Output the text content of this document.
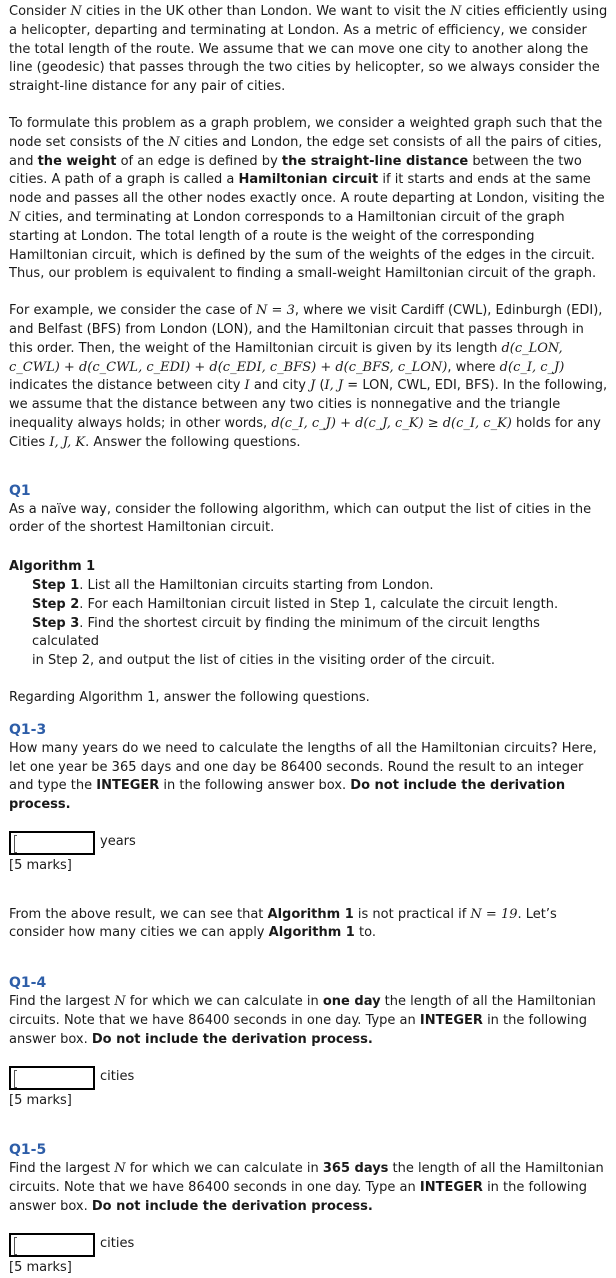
Consider N cities in the UK other than London. We want to visit the N cities efficiently using a helicopter, departing and terminating at London. As a metric of efficiency, we consider the total length of the route. We assume that we can move one city to another along the line (geodesic) that passes through the two cities by helicopter, so we always consider the straight-line distance for any pair of cities.

To formulate this problem as a graph problem, we consider a weighted graph such that the node set consists of the N cities and London, the edge set consists of all the pairs of cities, and the weight of an edge is defined by the straight-line distance between the two cities. A path of a graph is called a Hamiltonian circuit if it starts and ends at the same node and passes all the other nodes exactly once. A route departing at London, visiting the N cities, and terminating at London corresponds to a Hamiltonian circuit of the graph starting at London. The total length of a route is the weight of the corresponding Hamiltonian circuit, which is defined by the sum of the weights of the edges in the circuit. Thus, our problem is equivalent to finding a small-weight Hamiltonian circuit of the graph.

For example, we consider the case of N = 3, where we visit Cardiff (CWL), Edinburgh (EDI), and Belfast (BFS) from London (LON), and the Hamiltonian circuit that passes through in this order. Then, the weight of the Hamiltonian circuit is given by its length d(c_LON, c_CWL) + d(c_CWL, c_EDI) + d(c_EDI, c_BFS) + d(c_BFS, c_LON), where d(c_I, c_J) indicates the distance between city I and city J (I, J = LON, CWL, EDI, BFS). In the following, we assume that the distance between any two cities is nonnegative and the triangle inequality always holds; in other words, d(c_I, c_J) + d(c_J, c_K) ≥ d(c_I, c_K) holds for any Cities I, J, K. Answer the following questions.

Q1

As a naïve way, consider the following algorithm, which can output the list of cities in the order of the shortest Hamiltonian circuit.

Algorithm 1
Step 1. List all the Hamiltonian circuits starting from London.
Step 2. For each Hamiltonian circuit listed in Step 1, calculate the circuit length.
Step 3. Find the shortest circuit by finding the minimum of the circuit lengths calculated
in Step 2, and output the list of cities in the visiting order of the circuit.

Regarding Algorithm 1, answer the following questions.

Q1-3

How many years do we need to calculate the lengths of all the Hamiltonian circuits? Here, let one year be 365 days and one day be 86400 seconds. Round the result to an integer and type the INTEGER in the following answer box. Do not include the derivation process.

years
[5 marks]

From the above result, we can see that Algorithm 1 is not practical if N = 19. Let’s consider how many cities we can apply Algorithm 1 to.

Q1-4

Find the largest N for which we can calculate in one day the length of all the Hamiltonian circuits. Note that we have 86400 seconds in one day. Type an INTEGER in the following answer box. Do not include the derivation process.

cities
[5 marks]
Q1-5

Find the largest N for which we can calculate in 365 days the length of all the Hamiltonian circuits. Note that we have 86400 seconds in one day. Type an INTEGER in the following answer box. Do not include the derivation process.

cities
[5 marks]
